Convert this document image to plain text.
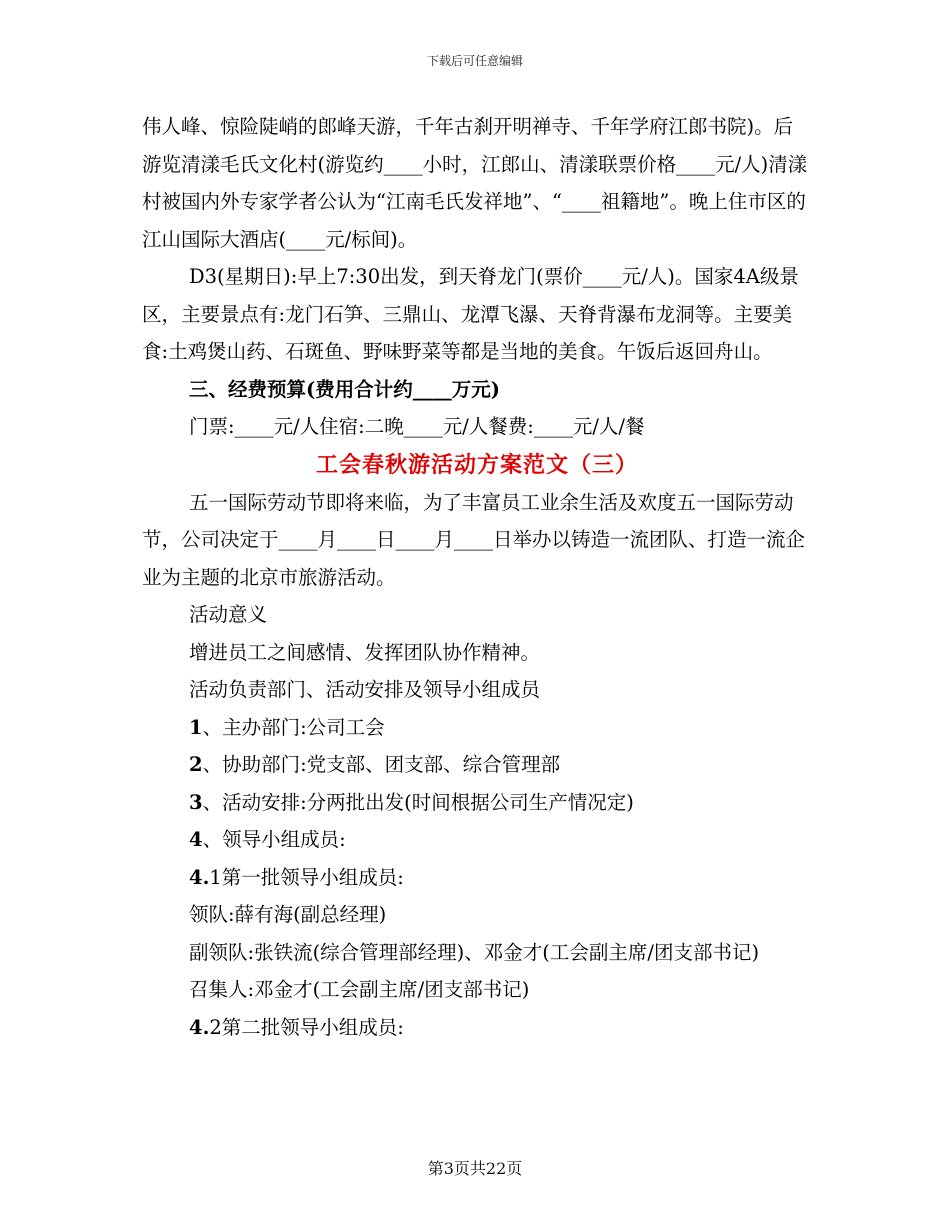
下载后可任意编辑

伟人峰、惊险陡峭的郎峰天游，千年古刹开明禅寺、千年学府江郎书院)。后游览清漾毛氏文化村(游览约____小时，江郎山、清漾联票价格____元/人)清漾村被国内外专家学者公认为“江南毛氏发祥地”、“____祖籍地”。晚上住市区的江山国际大酒店(____元/标间)。

D3(星期日):早上7:30出发，到天脊龙门(票价____元/人)。国家4A级景区，主要景点有:龙门石笋、三鼎山、龙潭飞瀑、天脊背瀑布龙洞等。主要美食:土鸡煲山药、石斑鱼、野味野菜等都是当地的美食。午饭后返回舟山。

三、经费预算(费用合计约____万元)

门票:____元/人住宿:二晚____元/人餐费:____元/人/餐

工会春秋游活动方案范文（三）

五一国际劳动节即将来临，为了丰富员工业余生活及欢度五一国际劳动节，公司决定于____月____日____月____日举办以铸造一流团队、打造一流企业为主题的北京市旅游活动。

活动意义

增进员工之间感情、发挥团队协作精神。

活动负责部门、活动安排及领导小组成员

1、主办部门:公司工会

2、协助部门:党支部、团支部、综合管理部

3、活动安排:分两批出发(时间根据公司生产情况定)

4、领导小组成员:

4.1第一批领导小组成员:

领队:薛有海(副总经理)

副领队:张铁流(综合管理部经理)、邓金才(工会副主席/团支部书记)

召集人:邓金才(工会副主席/团支部书记)

4.2第二批领导小组成员:

第3页共22页
